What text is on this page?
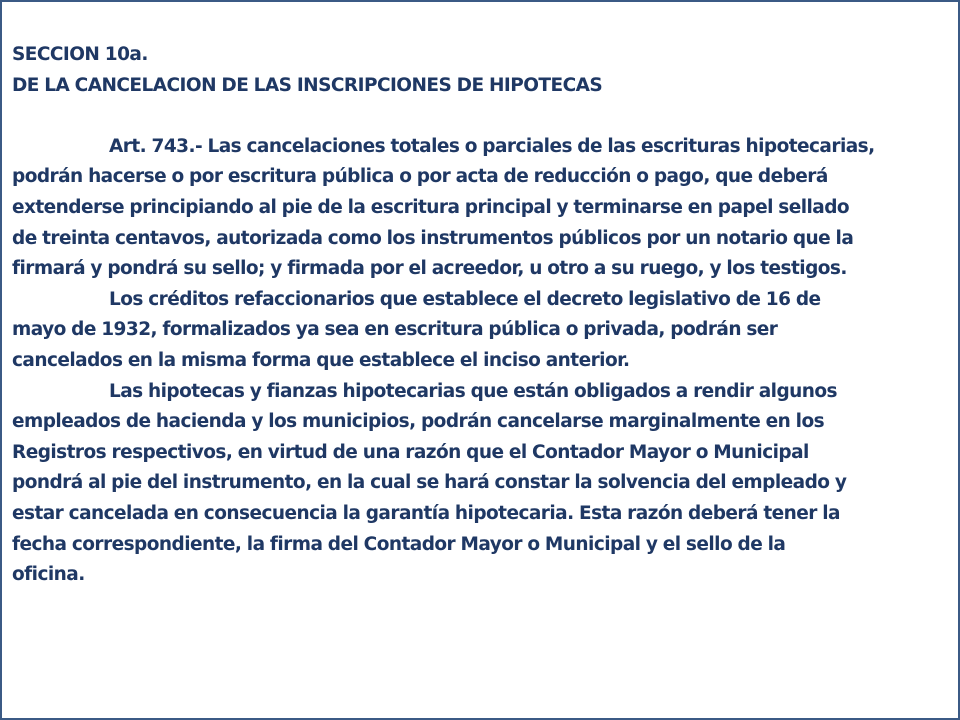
SECCION 10a.
DE LA CANCELACION DE LAS INSCRIPCIONES DE HIPOTECAS
Art. 743.- Las cancelaciones totales o parciales de las escrituras hipotecarias,
podrán hacerse o por escritura pública o por acta de reducción o pago, que deberá
extenderse principiando al pie de la escritura principal y terminarse en papel sellado
de treinta centavos, autorizada como los instrumentos públicos por un notario que la
firmará y pondrá su sello; y firmada por el acreedor, u otro a su ruego, y los testigos.
Los créditos refaccionarios que establece el decreto legislativo de 16 de
mayo de 1932, formalizados ya sea en escritura pública o privada, podrán ser
cancelados en la misma forma que establece el inciso anterior.
Las hipotecas y fianzas hipotecarias que están obligados a rendir algunos
empleados de hacienda y los municipios, podrán cancelarse marginalmente en los
Registros respectivos, en virtud de una razón que el Contador Mayor o Municipal
pondrá al pie del instrumento, en la cual se hará constar la solvencia del empleado y
estar cancelada en consecuencia la garantía hipotecaria. Esta razón deberá tener la
fecha correspondiente, la firma del Contador Mayor o Municipal y el sello de la
oficina.
